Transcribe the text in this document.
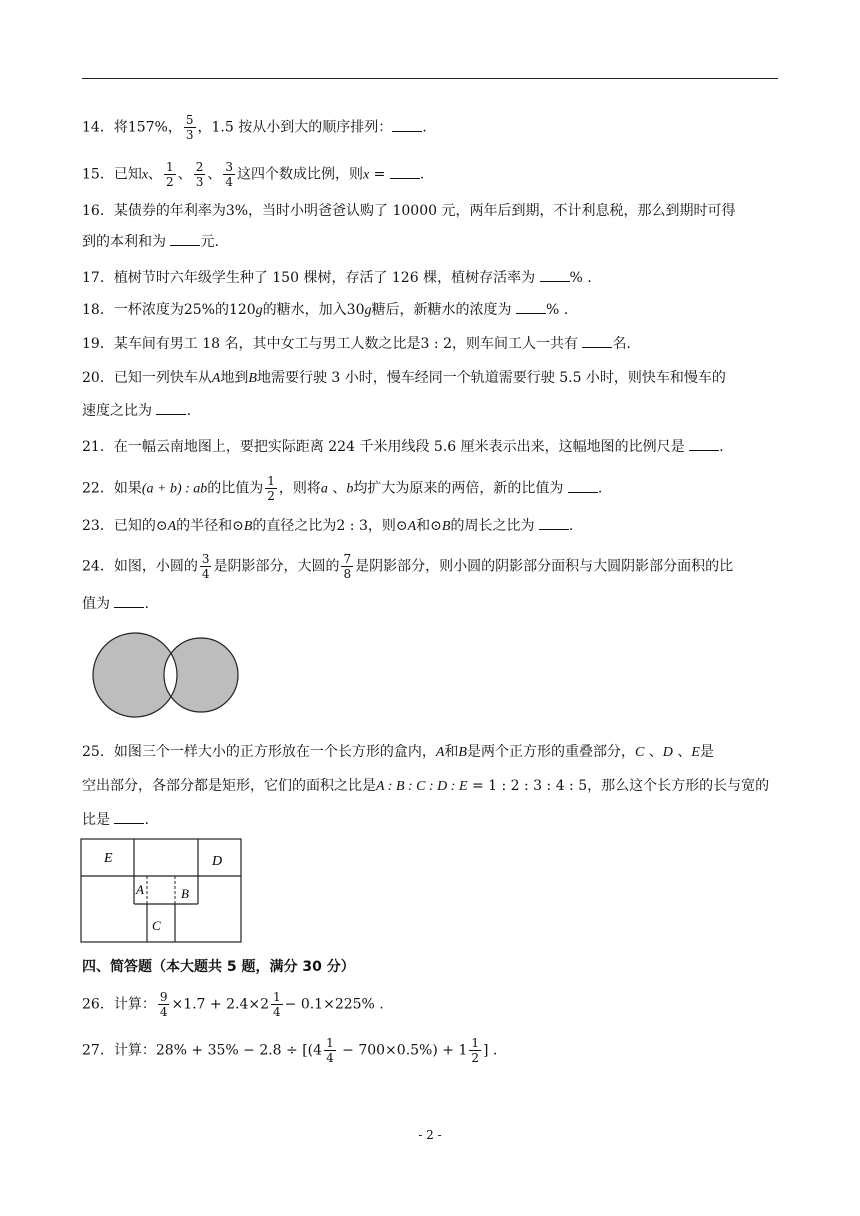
14．将157%， $\frac{5}{3}$ ，1.5 按从小到大的顺序排列： .
15．已知x、 $\frac{1}{2}$ 、 $\frac{2}{3}$ 、 $\frac{3}{4}$ 这四个数成比例，则x = .
16．某债券的年利率为3%，当时小明爸爸认购了 10000 元，两年后到期，不计利息税，那么到期时可得
到的本利和为 元.
17．植树节时六年级学生种了 150 棵树，存活了 126 棵，植树存活率为 % .
18．一杯浓度为25%的120g的糖水，加入30g糖后，新糖水的浓度为 % .
19．某车间有男工 18 名，其中女工与男工人数之比是3 : 2，则车间工人一共有 名.
20．已知一列快车从A地到B地需要行驶 3 小时，慢车经同一个轨道需要行驶 5.5 小时，则快车和慢车的
速度之比为 .
21．在一幅云南地图上，要把实际距离 224 千米用线段 5.6 厘米表示出来，这幅地图的比例尺是 .
22．如果(a + b) : ab的比值为 $\frac{1}{2}$ ，则将a 、b均扩大为原来的两倍，新的比值为 .
23．已知的⊙A的半径和⊙B的直径之比为2 : 3，则⊙A和⊙B的周长之比为 .
24．如图，小圆的 $\frac{3}{4}$ 是阴影部分，大圆的 $\frac{7}{8}$ 是阴影部分，则小圆的阴影部分面积与大圆阴影部分面积的比
值为 .
25．如图三个一样大小的正方形放在一个长方形的盒内，A和B是两个正方形的重叠部分，C 、D 、E是
空出部分，各部分都是矩形，它们的面积之比是A : B : C : D : E = 1 : 2 : 3 : 4 : 5，那么这个长方形的长与宽的
比是 .
E	D
A	B
C
四、简答题（本大题共 5 题，满分 30 分）
26．计算： $\frac{9}{4} \times 1.7 + 2.4\times 2 \frac{1}{4} - 0.1\times 225\%$ .
27．计算：$28\% + 35\% - 2.8 \div [(4 \frac{1}{4} - 700\times 0.5\%) + 1 \frac{1}{2}$ ] .
- 2 -
